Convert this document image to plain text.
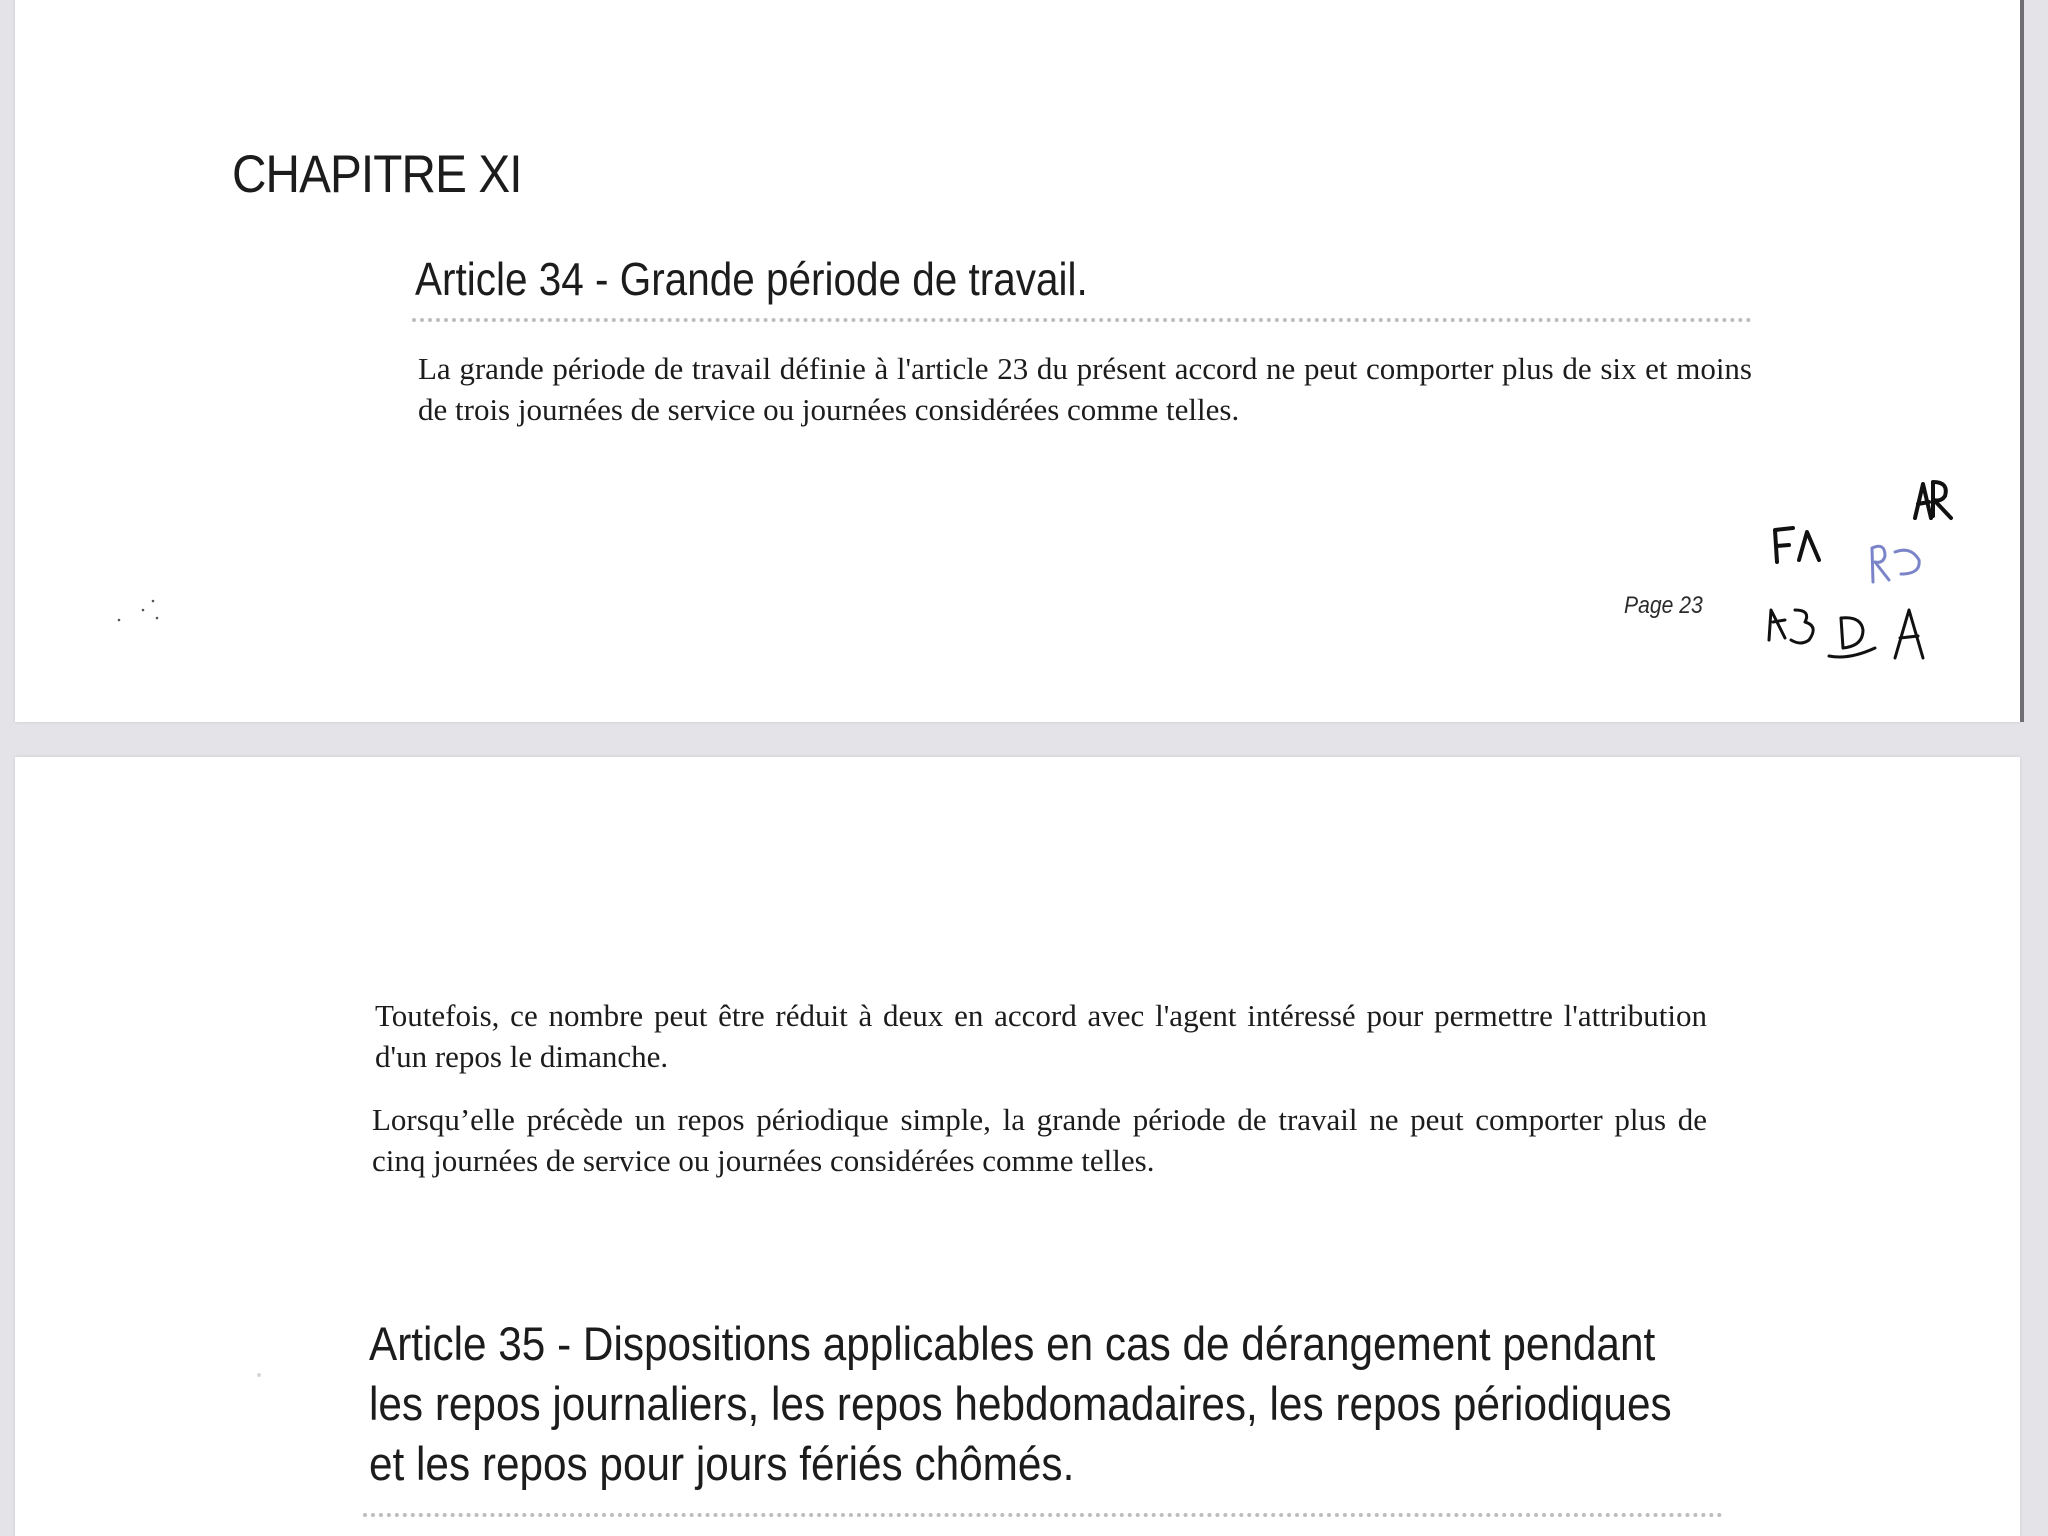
CHAPITRE XI
Article 34 - Grande période de travail.

La grande période de travail définie à l'article 23 du présent accord ne peut comporter plus de six et moins de trois journées de service ou journées considérées comme telles.

Page 23

Toutefois, ce nombre peut être réduit à deux en accord avec l'agent intéressé pour permettre l'attribution d'un repos le dimanche.

Lorsqu’elle précède un repos périodique simple, la grande période de travail ne peut comporter plus de cinq journées de service ou journées considérées comme telles.

Article 35 - Dispositions applicables en cas de dérangement pendant
les repos journaliers, les repos hebdomadaires, les repos périodiques
et les repos pour jours fériés chômés.
